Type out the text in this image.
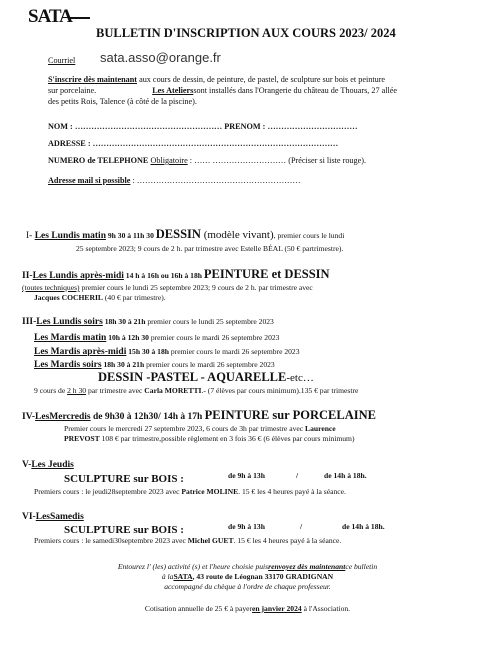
SATA
BULLETIN D'INSCRIPTION AUX COURS 2023/ 2024
Courriel sata.asso@orange.fr
S'inscrire dès maintenant aux cours de dessin, de peinture, de pastel, de sculpture sur bois et peinture
sur porcelaine.	Les Atelierssont installés dans l'Orangerie du château de Thouars, 27 allée
des petits Rois, Talence (à côté de la piscine).
NOM : ……………………………………………… PRENOM : ……………………………
ADRESSE : ………………………………………………………………………………
NUMERO de TELEPHONE Obligatoire : …… ……………………… (Préciser si liste rouge).
Adresse mail si possible : ……………………………………………………
I- Les Lundis matin 9h 30 à 11h 30 DESSIN (modèle vivant), premier cours le lundi
25 septembre 2023; 9 cours de 2 h. par trimestre avec Estelle BÉAL (50 € partrimestre).
II-Les Lundis après-midi 14 h à 16h ou 16h à 18h PEINTURE et DESSIN
(toutes techniques) premier cours le lundi 25 septembre 2023; 9 cours de 2 h. par trimestre avec
Jacques COCHERIL (40 € par trimestre).
III-Les Lundis soirs 18h 30 à 21h premier cours le lundi 25 septembre 2023
Les Mardis matin 10h à 12h 30 premier cours le mardi 26 septembre 2023
Les Mardis après-midi 15h 30 à 18h premier cours le mardi 26 septembre 2023
Les Mardis soirs 18h 30 à 21h premier cours le mardi 26 septembre 2023
DESSIN -PASTEL - AQUARELLE-etc…
9 cours de 2 h 30 par trimestre avec Carla MORETTI.- (7 élèves par cours minimum).135 € par trimestre
IV-LesMercredis de 9h30 à 12h30/ 14h à 17h PEINTURE sur PORCELAINE
Premier cours le mercredi 27 septembre 2023, 6 cours de 3h par trimestre avec Laurence
PREVOST 108 € par trimestre,possible règlement en 3 fois 36 € (6 élèves par cours minimum)
V-Les Jeudis
SCULPTURE sur BOIS :	de 9h à 13h	/	de 14h à 18h.
Premiers cours : le jeudi28septembre 2023 avec Patrice MOLINE. 15 € les 4 heures payé à la séance.
VI-LesSamedis
SCULPTURE sur BOIS :	de 9h à 13h	/	de 14h à 18h.
Premiers cours : le samedi30septembre 2023 avec Michel GUET. 15 € les 4 heures payé à la séance.
Entourez l' (les) activité (s) et l'heure choisie puisrenvoyez dès maintenantce bulletin
à laSATA, 43 route de Léognan 33170 GRADIGNAN
accompagné du chèque à l'ordre de chaque professeur.
Cotisation annuelle de 25 € à payeren janvier 2024 à l'Association.
